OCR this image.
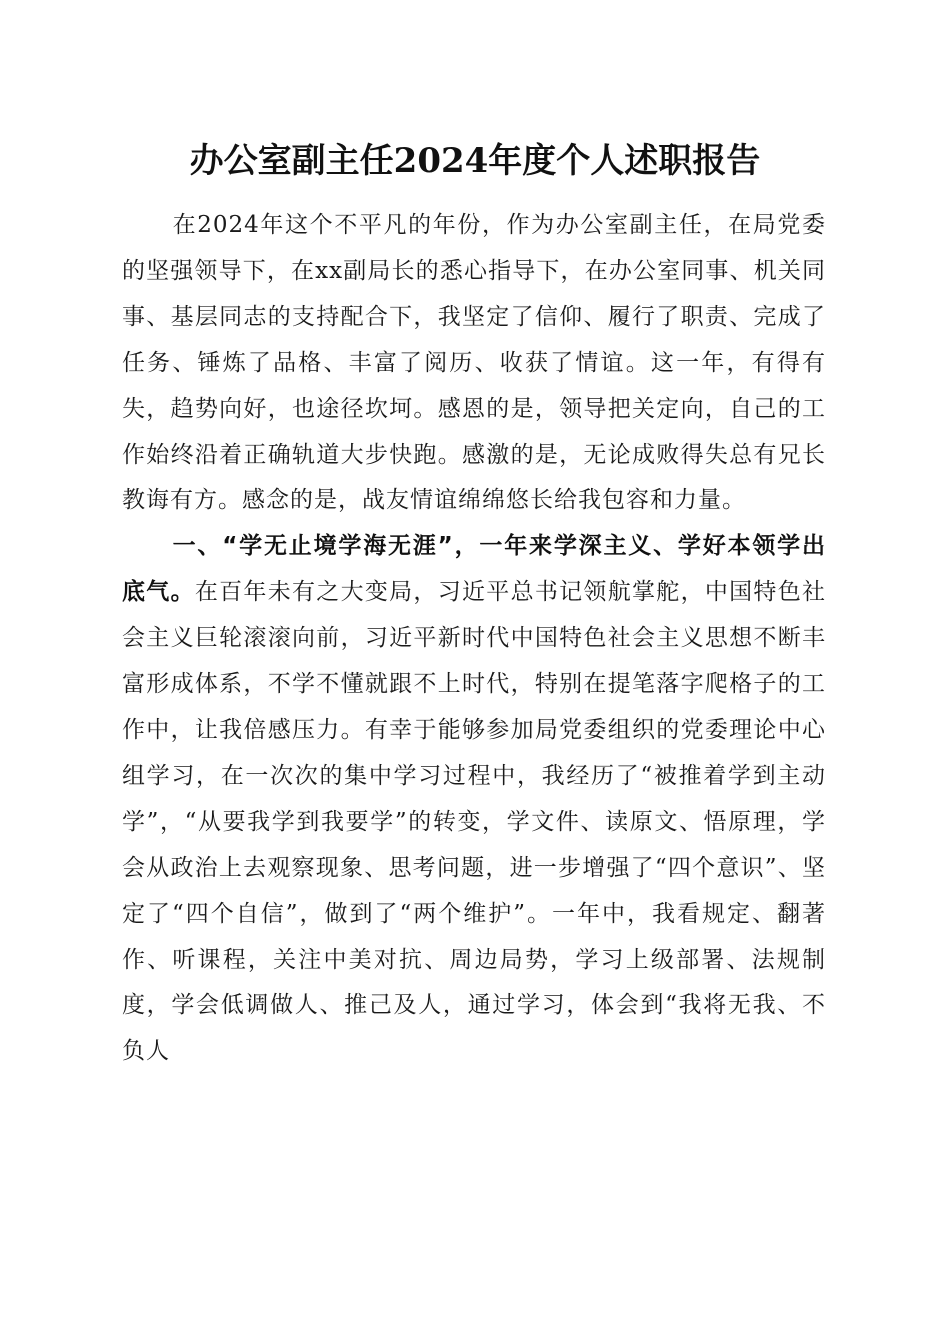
办公室副主任2024年度个人述职报告

在2024年这个不平凡的年份，作为办公室副主任，在局党委的坚强领导下，在xx副局长的悉心指导下，在办公室同事、机关同事、基层同志的支持配合下，我坚定了信仰、履行了职责、完成了任务、锤炼了品格、丰富了阅历、收获了情谊。这一年，有得有失，趋势向好，也途径坎坷。感恩的是，领导把关定向，自己的工作始终沿着正确轨道大步快跑。感激的是，无论成败得失总有兄长教诲有方。感念的是，战友情谊绵绵悠长给我包容和力量。

一、“学无止境学海无涯”，一年来学深主义、学好本领学出底气。在百年未有之大变局，习近平总书记领航掌舵，中国特色社会主义巨轮滚滚向前，习近平新时代中国特色社会主义思想不断丰富形成体系，不学不懂就跟不上时代，特别在提笔落字爬格子的工作中，让我倍感压力。有幸于能够参加局党委组织的党委理论中心组学习，在一次次的集中学习过程中，我经历了“被推着学到主动学”，“从要我学到我要学”的转变，学文件、读原文、悟原理，学会从政治上去观察现象、思考问题，进一步增强了“四个意识”、坚定了“四个自信”，做到了“两个维护”。一年中，我看规定、翻著作、听课程，关注中美对抗、周边局势，学习上级部署、法规制度，学会低调做人、推己及人，通过学习，体会到“我将无我、不负人
